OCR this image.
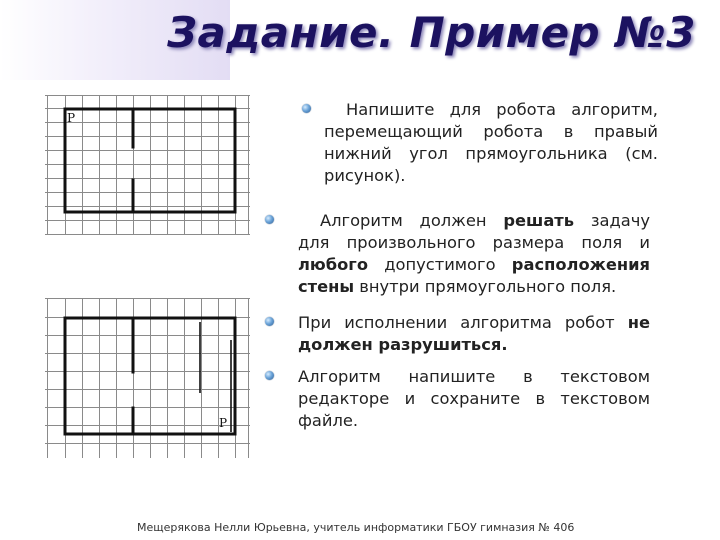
Задание. Пример №3
Р
Р

Напишите для робота алгоритм, перемещающий робота в правый нижний угол прямоугольника (см. рисунок).

Алгоритм должен решать задачу для произвольного размера поля и любого допустимого расположения стены внутри прямоугольного поля.

При исполнении алгоритма робот не должен разрушиться.

Алгоритм напишите в текстовом редакторе и сохраните в текстовом файле.

Мещерякова Нелли Юрьевна, учитель информатики ГБОУ гимназия № 406
